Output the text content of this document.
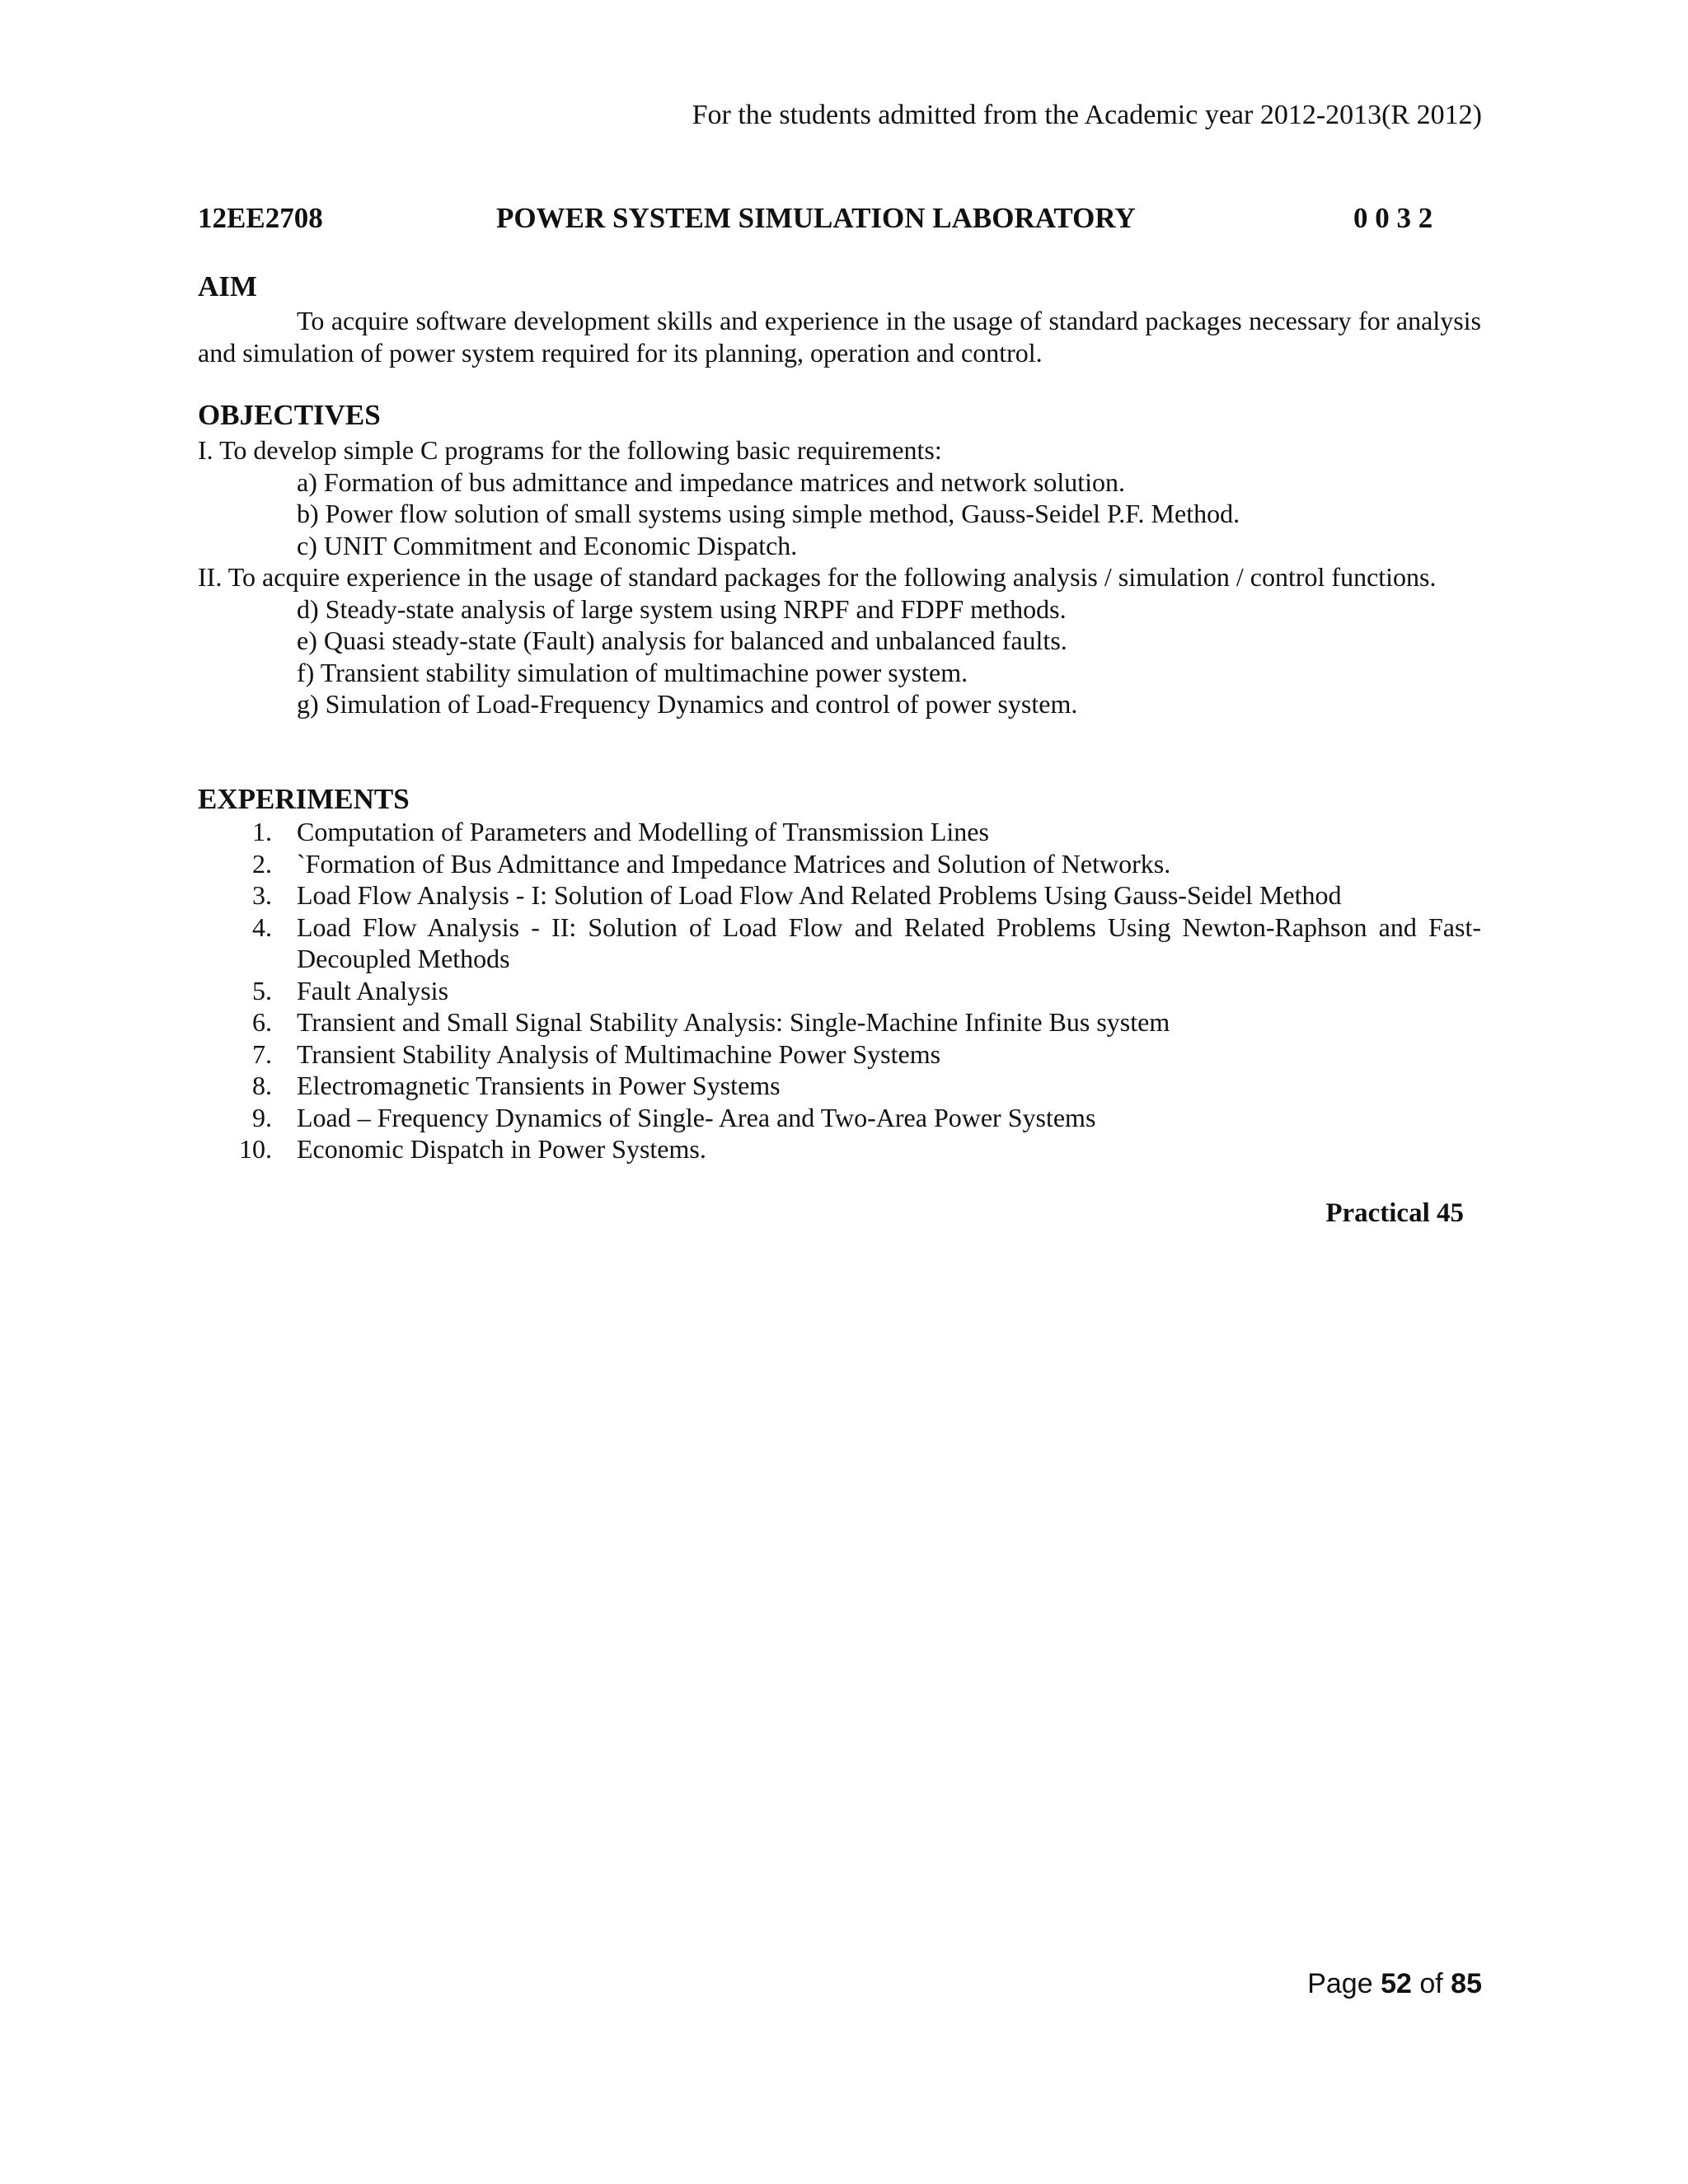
For the students admitted from the Academic year 2012-2013(R 2012)
12EE2708	POWER SYSTEM SIMULATION LABORATORY	0 0 3 2
AIM
To acquire software development skills and experience in the usage of standard packages necessary for analysis and simulation of power system required for its planning, operation and control.
OBJECTIVES
I. To develop simple C programs for the following basic requirements:
a) Formation of bus admittance and impedance matrices and network solution.
b) Power flow solution of small systems using simple method, Gauss-Seidel P.F. Method.
c) UNIT Commitment and Economic Dispatch.
II. To acquire experience in the usage of standard packages for the following analysis / simulation / control functions.
d) Steady-state analysis of large system using NRPF and FDPF methods.
e) Quasi steady-state (Fault) analysis for balanced and unbalanced faults.
f) Transient stability simulation of multimachine power system.
g) Simulation of Load-Frequency Dynamics and control of power system.
EXPERIMENTS
1. Computation of Parameters and Modelling of Transmission Lines
2. `Formation of Bus Admittance and Impedance Matrices and Solution of Networks.
3. Load Flow Analysis - I: Solution of Load Flow And Related Problems Using Gauss-Seidel Method
4. Load Flow Analysis - II: Solution of Load Flow and Related Problems Using Newton-Raphson and Fast-Decoupled Methods
5. Fault Analysis
6. Transient and Small Signal Stability Analysis: Single-Machine Infinite Bus system
7. Transient Stability Analysis of Multimachine Power Systems
8. Electromagnetic Transients in Power Systems
9. Load – Frequency Dynamics of Single- Area and Two-Area Power Systems
10. Economic Dispatch in Power Systems.
Practical 45
Page 52 of 85
